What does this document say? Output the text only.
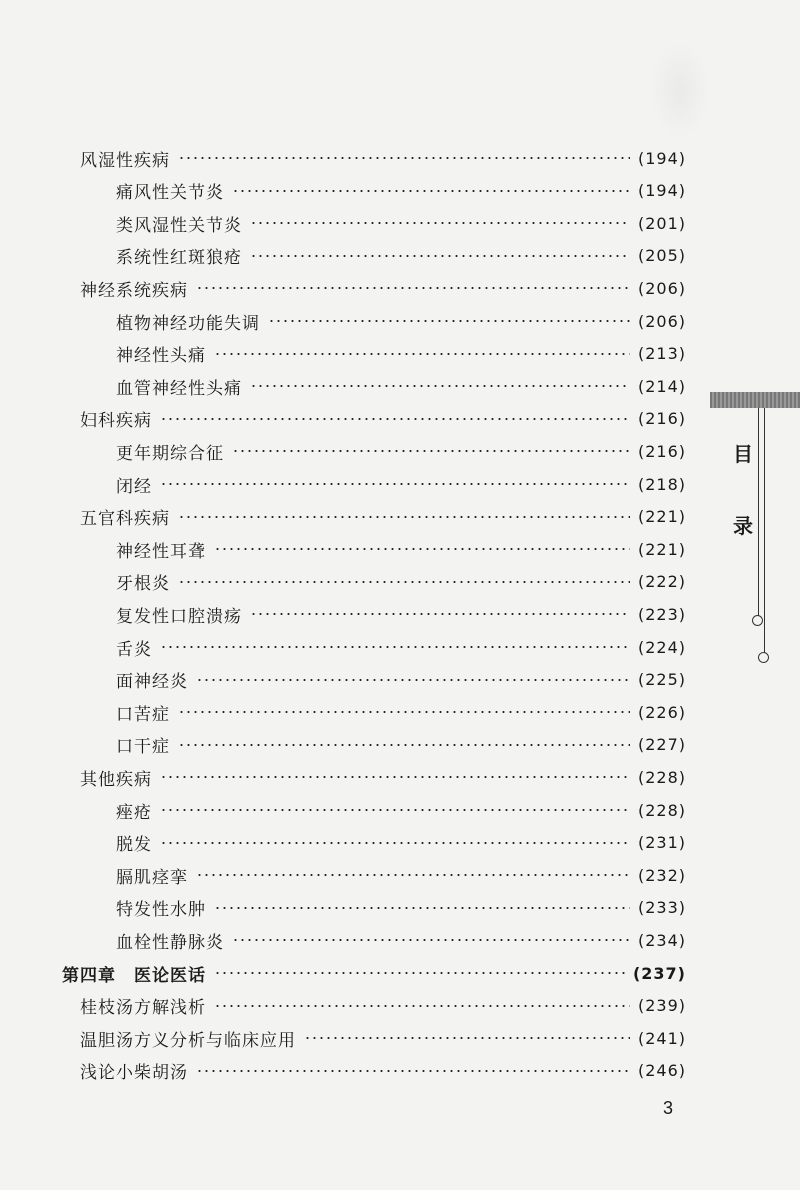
风湿性疾病	(194)
痛风性关节炎	(194)
类风湿性关节炎	(201)
系统性红斑狼疮	(205)
神经系统疾病	(206)
植物神经功能失调	(206)
神经性头痛	(213)
血管神经性头痛	(214)
妇科疾病	(216)
更年期综合征	(216)
闭经	(218)
五官科疾病	(221)
神经性耳聋	(221)
牙根炎	(222)
复发性口腔溃疡	(223)
舌炎	(224)
面神经炎	(225)
口苦症	(226)
口干症	(227)
其他疾病	(228)
痤疮	(228)
脱发	(231)
膈肌痉挛	(232)
特发性水肿	(233)
血栓性静脉炎	(234)
第四章　医论医话	(237)
桂枝汤方解浅析	(239)
温胆汤方义分析与临床应用	(241)
浅论小柴胡汤	(246)
目
录
3
